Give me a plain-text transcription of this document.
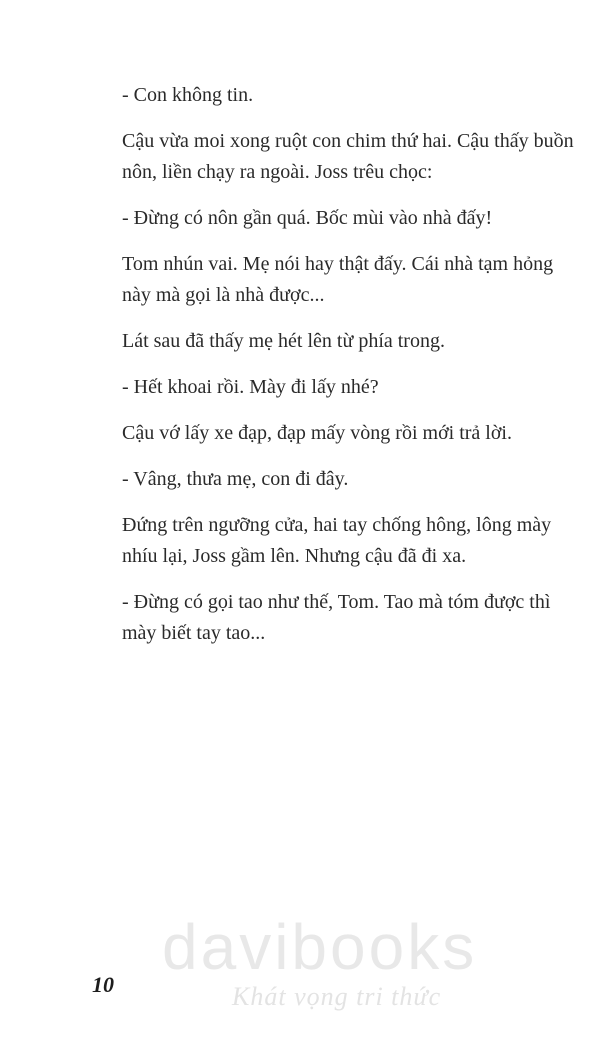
- Con không tin.

Cậu vừa moi xong ruột con chim thứ hai. Cậu thấy buồn nôn, liền chạy ra ngoài. Joss trêu chọc:

- Đừng có nôn gần quá. Bốc mùi vào nhà đấy!

Tom nhún vai. Mẹ nói hay thật đấy. Cái nhà tạm hỏng này mà gọi là nhà được...

Lát sau đã thấy mẹ hét lên từ phía trong.

- Hết khoai rồi. Mày đi lấy nhé?

Cậu vớ lấy xe đạp, đạp mấy vòng rồi mới trả lời.

- Vâng, thưa mẹ, con đi đây.

Đứng trên ngưỡng cửa, hai tay chống hông, lông mày nhíu lại, Joss gầm lên. Nhưng cậu đã đi xa.

- Đừng có gọi tao như thế, Tom. Tao mà tóm được thì mày biết tay tao...

davibooks
Khát vọng tri thức
10
